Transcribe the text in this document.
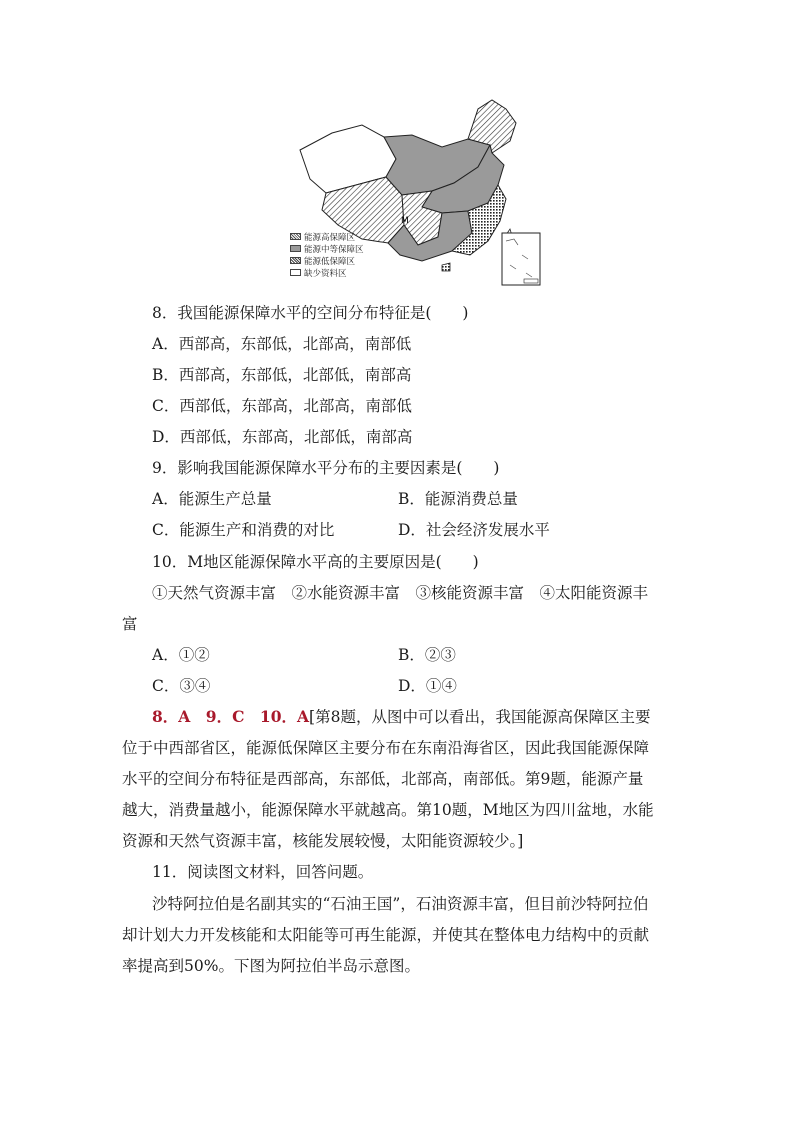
M
能源高保障区
能源中等保障区
能源低保障区
缺少资料区
8．我国能源保障水平的空间分布特征是(　　)
A．西部高，东部低，北部高，南部低
B．西部高，东部低，北部低，南部高
C．西部低，东部高，北部高，南部低
D．西部低，东部高，北部低，南部高
9．影响我国能源保障水平分布的主要因素是(　　)
A．能源生产总量	B．能源消费总量
C．能源生产和消费的对比	D．社会经济发展水平
10．M地区能源保障水平高的主要原因是(　　)
①天然气资源丰富　②水能资源丰富　③核能资源丰富　④太阳能资源丰
富
A．①②	B．②③
C．③④	D．①④
8．A　9．C　10．A[第8题，从图中可以看出，我国能源高保障区主要
位于中西部省区，能源低保障区主要分布在东南沿海省区，因此我国能源保障
水平的空间分布特征是西部高，东部低，北部高，南部低。第9题，能源产量
越大，消费量越小，能源保障水平就越高。第10题，M地区为四川盆地，水能
资源和天然气资源丰富，核能发展较慢，太阳能资源较少。]
11．阅读图文材料，回答问题。
沙特阿拉伯是名副其实的“石油王国”，石油资源丰富，但目前沙特阿拉伯
却计划大力开发核能和太阳能等可再生能源，并使其在整体电力结构中的贡献
率提高到50%。下图为阿拉伯半岛示意图。
